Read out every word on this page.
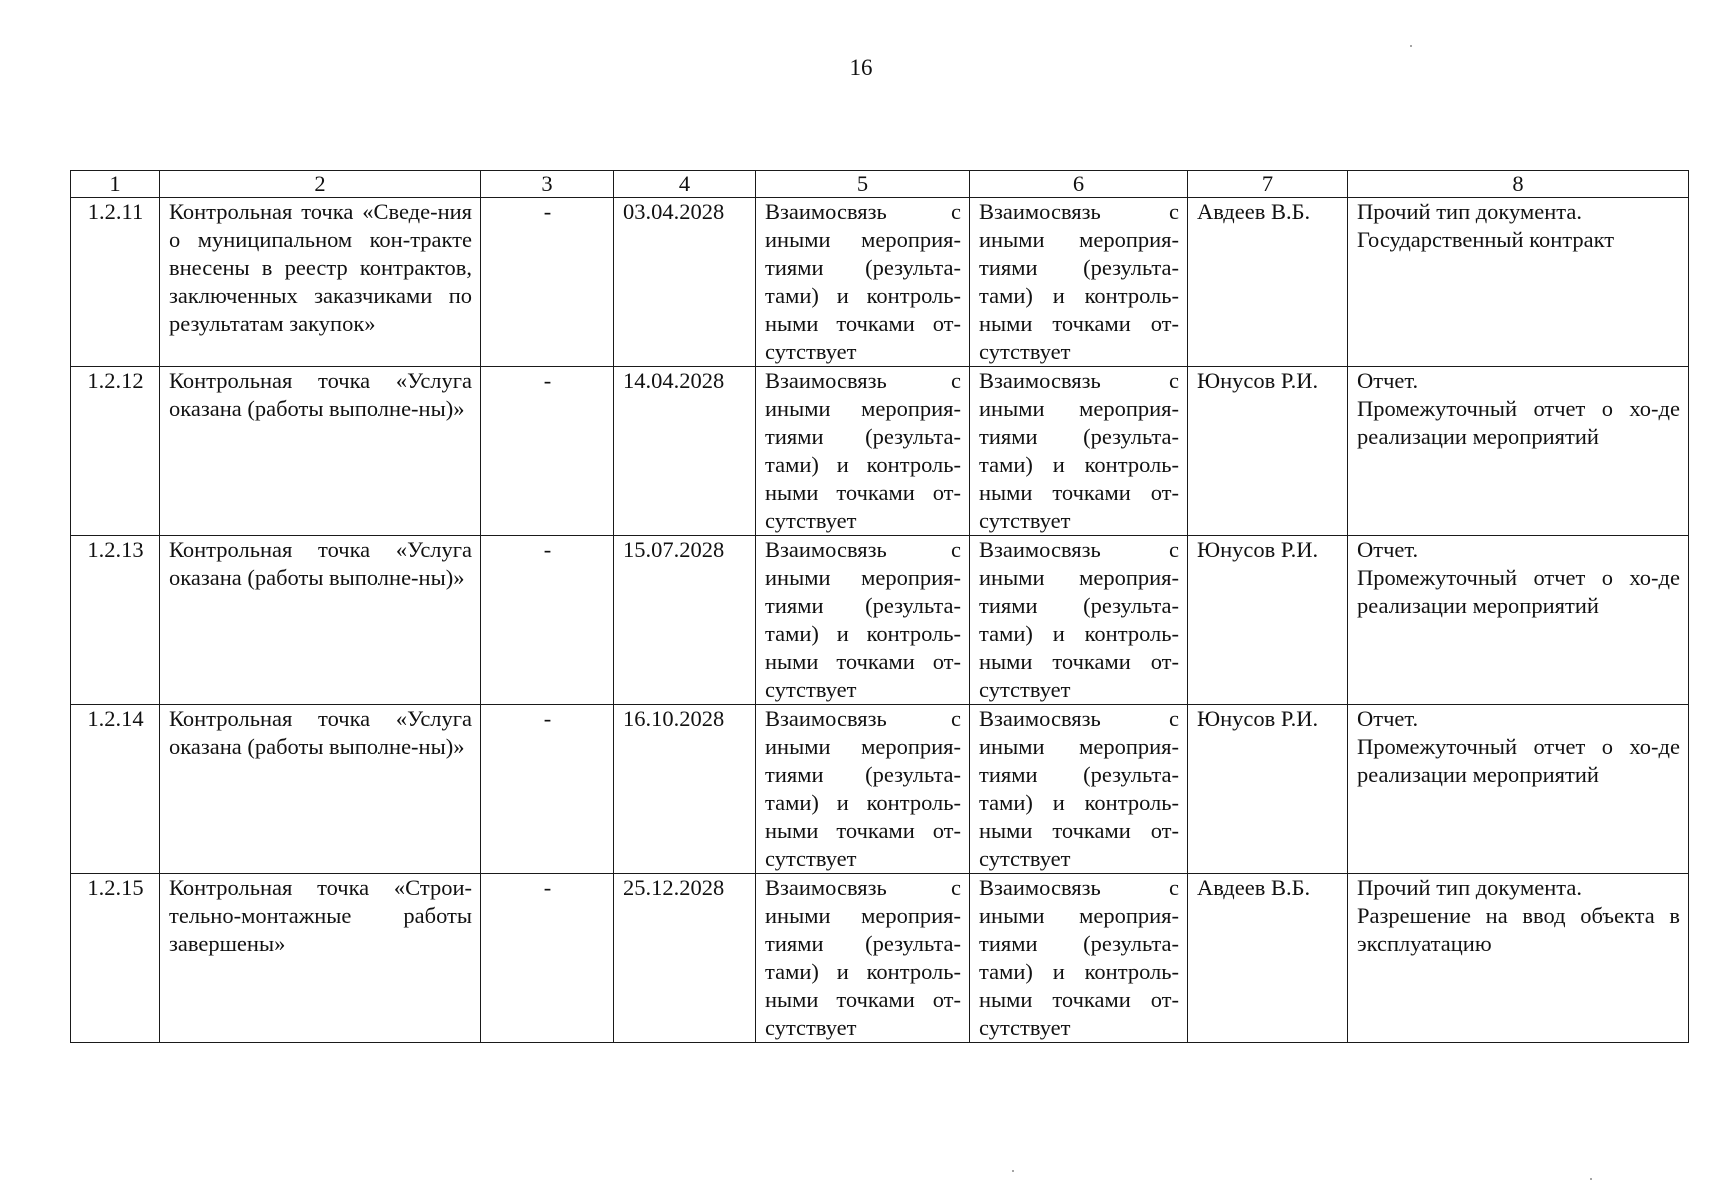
16
1	2	3	4	5	6	7	8
1.2.11	Контрольная точка «Сведе-ния о муниципальном кон-тракте внесены в реестр контрактов, заключенных заказчиками по результатам закупок»	-	03.04.2028	Взаимосвязь с иными мероприя-тиями (результа-тами) и контроль-ными точками от-сутствует	Взаимосвязь с иными мероприя-тиями (результа-тами) и контроль-ными точками от-сутствует	Авдеев В.Б.	Прочий тип документа.
Государственный контракт

1.2.12	Контрольная точка «Услуга оказана (работы выполне-ны)»	-	14.04.2028	Взаимосвязь с иными мероприя-тиями (результа-тами) и контроль-ными точками от-сутствует	Взаимосвязь с иными мероприя-тиями (результа-тами) и контроль-ными точками от-сутствует	Юнусов Р.И.	Отчет.
Промежуточный отчет о хо-де реализации мероприятий

1.2.13	Контрольная точка «Услуга оказана (работы выполне-ны)»	-	15.07.2028	Взаимосвязь с иными мероприя-тиями (результа-тами) и контроль-ными точками от-сутствует	Взаимосвязь с иными мероприя-тиями (результа-тами) и контроль-ными точками от-сутствует	Юнусов Р.И.	Отчет.
Промежуточный отчет о хо-де реализации мероприятий

1.2.14	Контрольная точка «Услуга оказана (работы выполне-ны)»	-	16.10.2028	Взаимосвязь с иными мероприя-тиями (результа-тами) и контроль-ными точками от-сутствует	Взаимосвязь с иными мероприя-тиями (результа-тами) и контроль-ными точками от-сутствует	Юнусов Р.И.	Отчет.
Промежуточный отчет о хо-де реализации мероприятий

1.2.15	Контрольная точка «Строи-тельно-монтажные работы завершены»	-	25.12.2028	Взаимосвязь с иными мероприя-тиями (результа-тами) и контроль-ными точками от-сутствует	Взаимосвязь с иными мероприя-тиями (результа-тами) и контроль-ными точками от-сутствует	Авдеев В.Б.	Прочий тип документа.
Разрешение на ввод объекта в эксплуатацию
